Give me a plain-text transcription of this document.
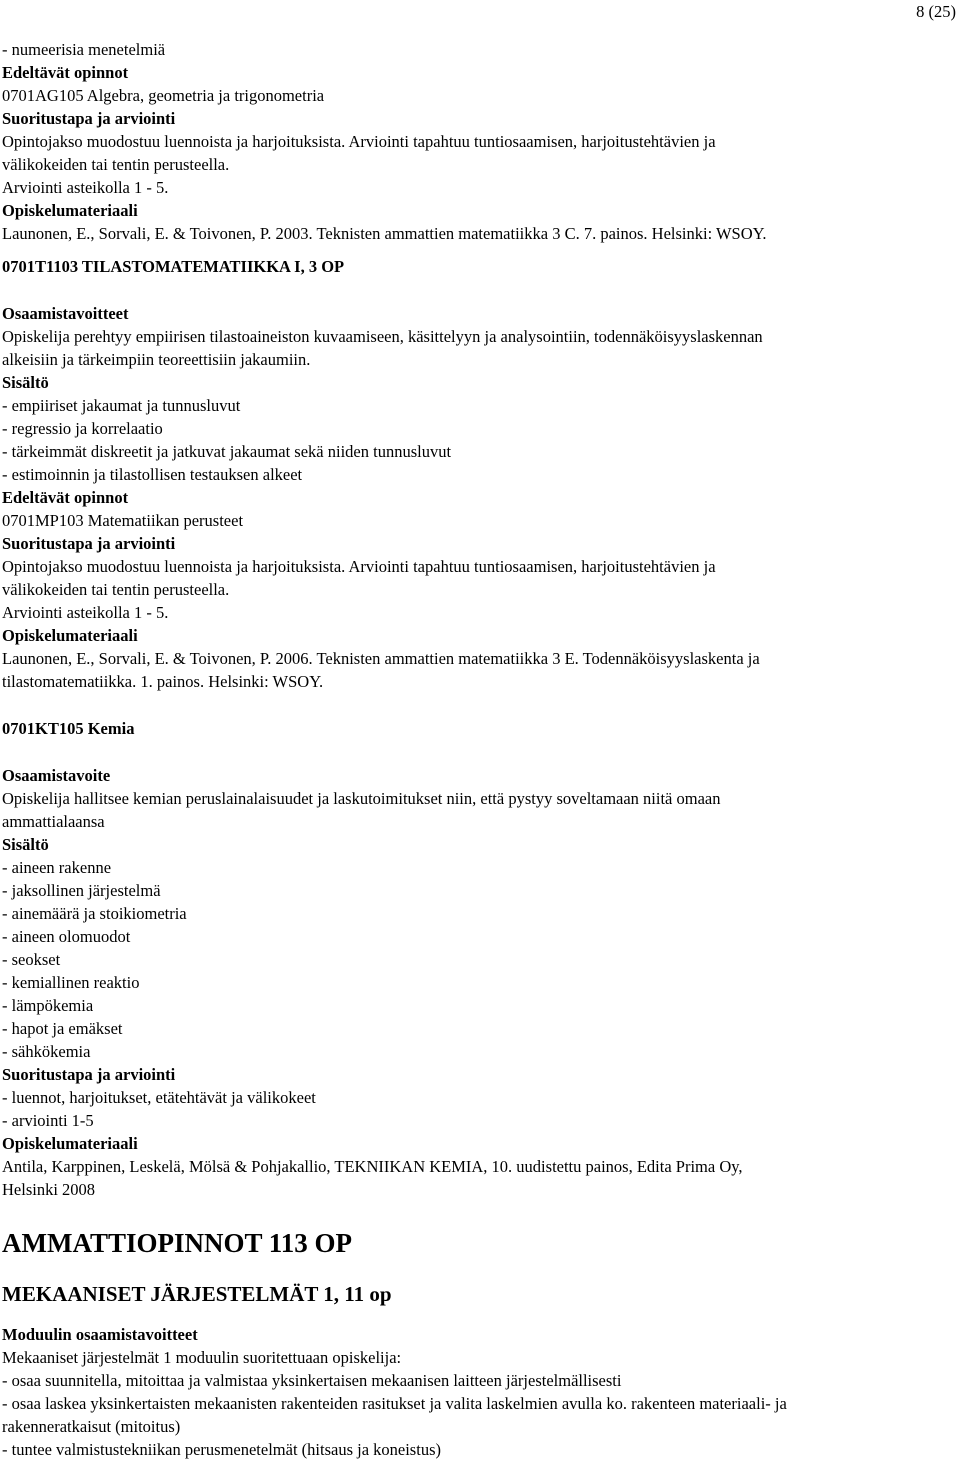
8 (25)
- numeerisia menetelmiä
Edeltävät opinnot
0701AG105 Algebra, geometria ja trigonometria
Suoritustapa ja arviointi
Opintojakso muodostuu luennoista ja harjoituksista. Arviointi tapahtuu tuntiosaamisen, harjoitustehtävien ja
välikokeiden tai tentin perusteella.
Arviointi asteikolla 1 - 5.
Opiskelumateriaali
Launonen, E., Sorvali, E. & Toivonen, P. 2003. Teknisten ammattien matematiikka 3 C. 7. painos. Helsinki: WSOY.
0701T1103 TILASTOMATEMATIIKKA I, 3 OP
Osaamistavoitteet
Opiskelija perehtyy empiirisen tilastoaineiston kuvaamiseen, käsittelyyn ja analysointiin, todennäköisyyslaskennan
alkeisiin ja tärkeimpiin teoreettisiin jakaumiin.
Sisältö
- empiiriset jakaumat ja tunnusluvut
- regressio ja korrelaatio
- tärkeimmät diskreetit ja jatkuvat jakaumat sekä niiden tunnusluvut
- estimoinnin ja tilastollisen testauksen alkeet
Edeltävät opinnot
0701MP103 Matematiikan perusteet
Suoritustapa ja arviointi
Opintojakso muodostuu luennoista ja harjoituksista. Arviointi tapahtuu tuntiosaamisen, harjoitustehtävien ja
välikokeiden tai tentin perusteella.
Arviointi asteikolla 1 - 5.
Opiskelumateriaali
Launonen, E., Sorvali, E. & Toivonen, P. 2006. Teknisten ammattien matematiikka 3 E. Todennäköisyyslaskenta ja
tilastomatematiikka. 1. painos. Helsinki: WSOY.
0701KT105 Kemia
Osaamistavoite
Opiskelija hallitsee kemian peruslainalaisuudet ja laskutoimitukset niin, että pystyy soveltamaan niitä omaan
ammattialaansa
Sisältö
- aineen rakenne
- jaksollinen järjestelmä
- ainemäärä ja stoikiometria
- aineen olomuodot
- seokset
- kemiallinen reaktio
- lämpökemia
- hapot ja emäkset
- sähkökemia
Suoritustapa ja arviointi
- luennot, harjoitukset, etätehtävät ja välikokeet
- arviointi 1-5
Opiskelumateriaali
Antila, Karppinen, Leskelä, Mölsä & Pohjakallio, TEKNIIKAN KEMIA, 10. uudistettu painos, Edita Prima Oy,
Helsinki 2008
AMMATTIOPINNOT 113 OP
MEKAANISET JÄRJESTELMÄT 1, 11 op
Moduulin osaamistavoitteet
Mekaaniset järjestelmät 1 moduulin suoritettuaan opiskelija:
- osaa suunnitella, mitoittaa ja valmistaa yksinkertaisen mekaanisen laitteen järjestelmällisesti
- osaa laskea yksinkertaisten mekaanisten rakenteiden rasitukset ja valita laskelmien avulla ko. rakenteen materiaali- ja
rakenneratkaisut (mitoitus)
- tuntee valmistustekniikan perusmenetelmät (hitsaus ja koneistus)
